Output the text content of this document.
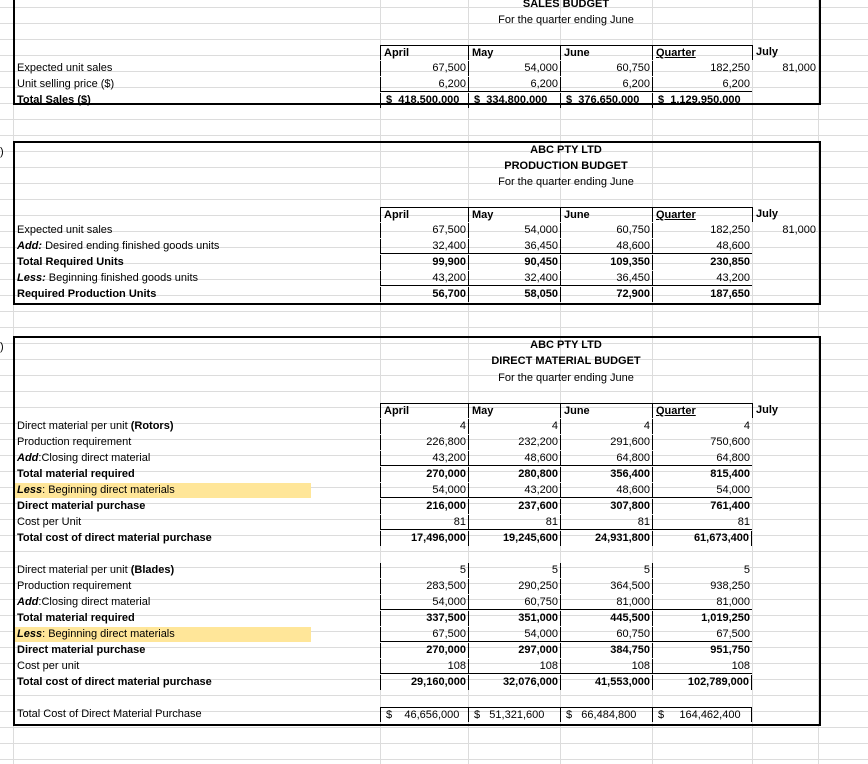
)
)
SALES BUDGET
For the quarter ending June
April	May	June	Quarter	July
Expected unit sales	67,500	54,000	60,750	182,250	81,000
Unit selling price ($)	6,200	6,200	6,200	6,200
Total Sales ($)	$ 418,500,000	$ 334,800,000	$ 376,650,000	$ 1,129,950,000
ABC PTY LTD
PRODUCTION BUDGET
For the quarter ending June
April	May	June	Quarter	July
Expected unit sales	67,500	54,000	60,750	182,250	81,000
Add: Desired ending finished goods units	32,400	36,450	48,600	48,600
Total Required Units	99,900	90,450	109,350	230,850
Less: Beginning finished goods units	43,200	32,400	36,450	43,200
Required Production Units	56,700	58,050	72,900	187,650
ABC PTY LTD
DIRECT MATERIAL BUDGET
For the quarter ending June
April	May	June	Quarter	July
Direct material per unit (Rotors)	4	4	4	4
Production requirement	226,800	232,200	291,600	750,600
Add:Closing direct material	43,200	48,600	64,800	64,800
Total material required	270,000	280,800	356,400	815,400
Less: Beginning direct materials	54,000	43,200	48,600	54,000
Direct material purchase	216,000	237,600	307,800	761,400
Cost per Unit	81	81	81	81
Total cost of direct material purchase	17,496,000	19,245,600	24,931,800	61,673,400
Direct material per unit (Blades)	5	5	5	5
Production requirement	283,500	290,250	364,500	938,250
Add:Closing direct material	54,000	60,750	81,000	81,000
Total material required	337,500	351,000	445,500	1,019,250
Less: Beginning direct materials	67,500	54,000	60,750	67,500
Direct material purchase	270,000	297,000	384,750	951,750
Cost per unit	108	108	108	108
Total cost of direct material purchase	29,160,000	32,076,000	41,553,000	102,789,000
Total Cost of Direct Material Purchase	$ 46,656,000	$ 51,321,600	$ 66,484,800	$ 164,462,400
